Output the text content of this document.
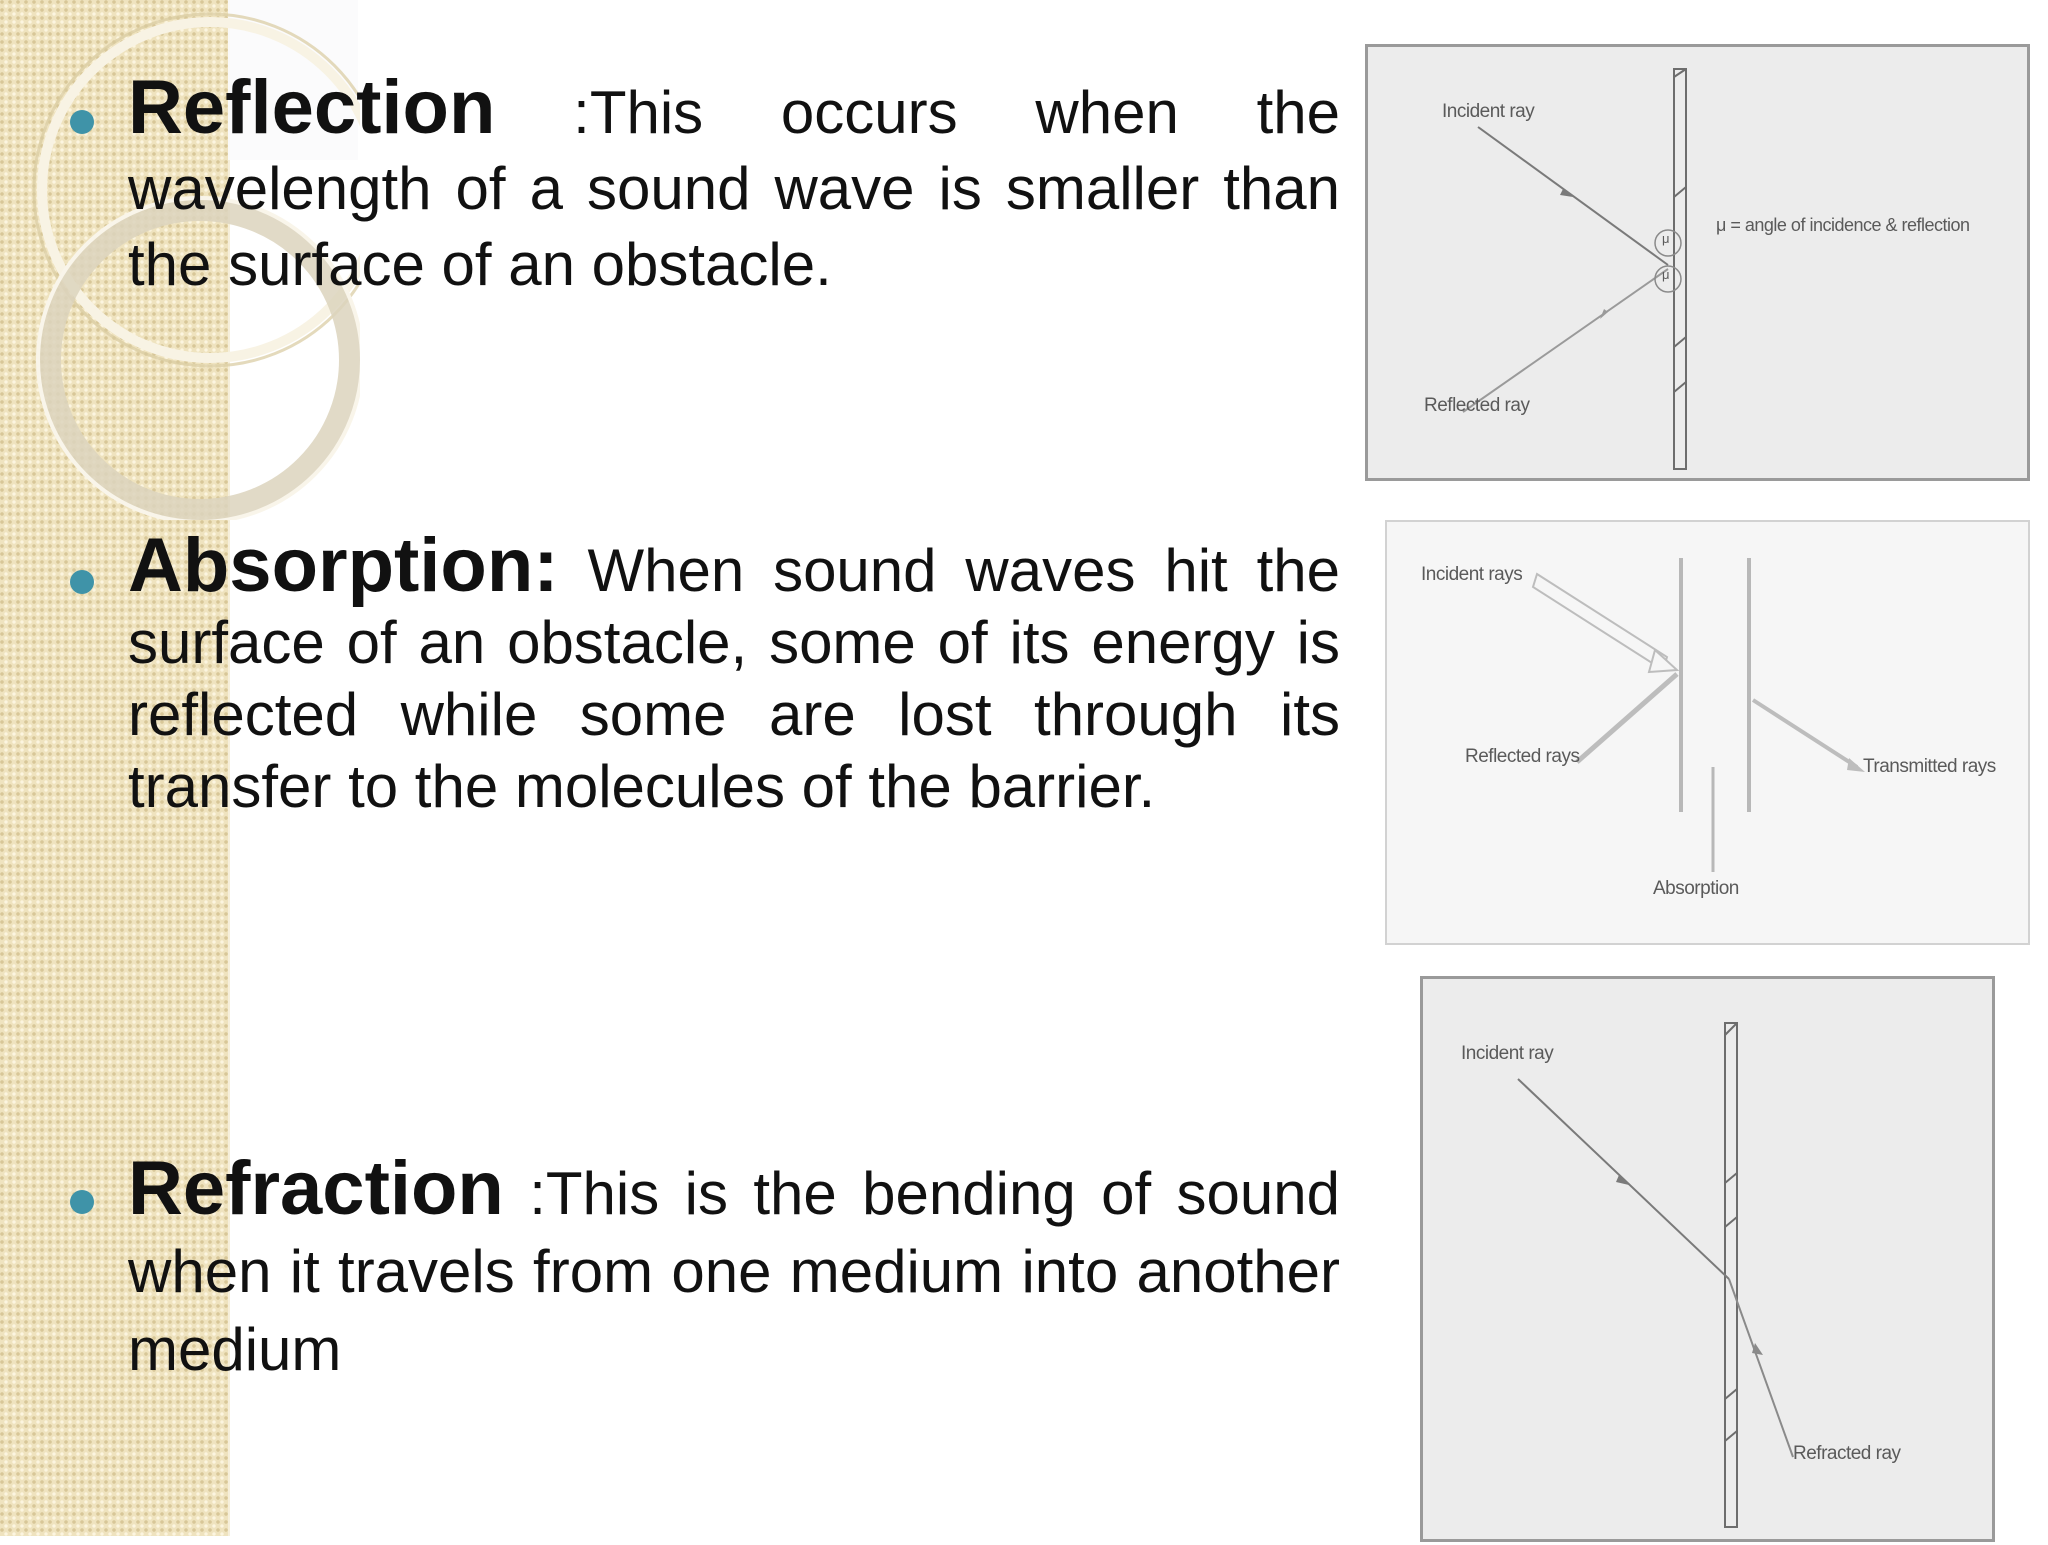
Reflection :This occurs when the wavelength of a sound wave is smaller than the surface of an obstacle.
Absorption: When sound waves hit the surface of an obstacle, some of its energy is reflected while some are lost through its transfer to the molecules of the barrier.
Refraction :This is the bending of sound when it travels from one medium into another medium
Incident ray
Reflected ray
μ
μ
μ = angle of incidence & reflection
Incident rays
Reflected rays	Transmitted rays
Absorption
Incident ray
Refracted ray
